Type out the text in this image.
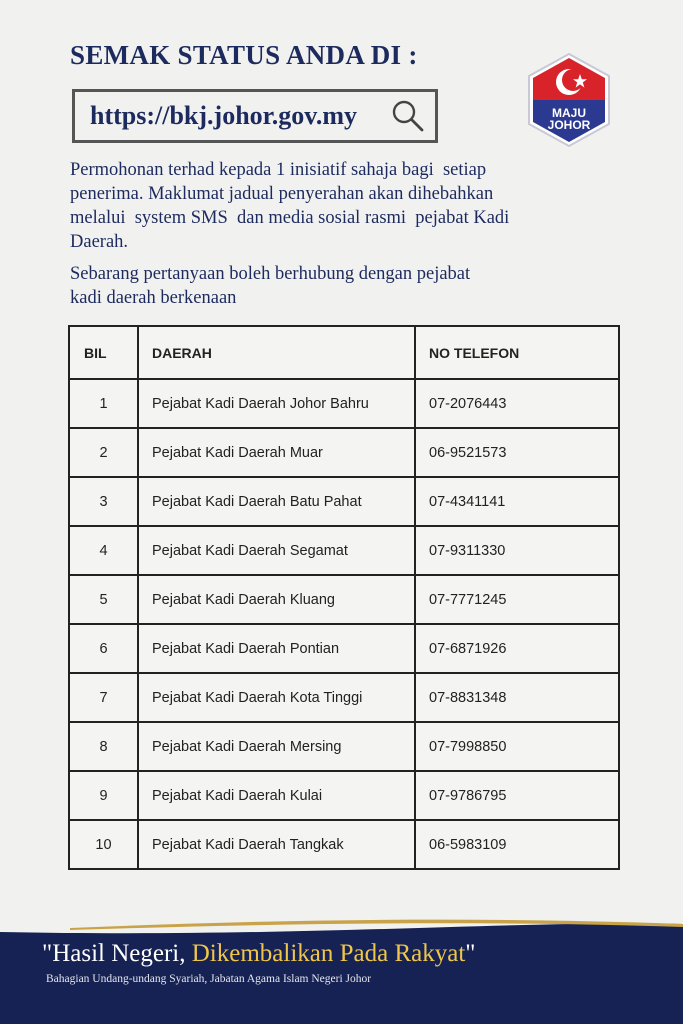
SEMAK STATUS ANDA DI :
https://bkj.johor.gov.my	MAJU
JOHOR
Permohonan terhad kepada 1 inisiatif sahaja bagi  setiap
penerima. Maklumat jadual penyerahan akan dihebahkan
melalui  system SMS  dan media sosial rasmi  pejabat Kadi
Daerah.
Sebarang pertanyaan boleh berhubung dengan pejabat
kadi daerah berkenaan
BIL	DAERAH	NO TELEFON
1	Pejabat Kadi Daerah Johor Bahru	07-2076443
2	Pejabat Kadi Daerah Muar	06-9521573
3	Pejabat Kadi Daerah Batu Pahat	07-4341141
4	Pejabat Kadi Daerah Segamat	07-9311330
5	Pejabat Kadi Daerah Kluang	07-7771245
6	Pejabat Kadi Daerah Pontian	07-6871926
7	Pejabat Kadi Daerah Kota Tinggi	07-8831348
8	Pejabat Kadi Daerah Mersing	07-7998850
9	Pejabat Kadi Daerah Kulai	07-9786795
10	Pejabat Kadi Daerah Tangkak	06-5983109
"Hasil Negeri, Dikembalikan Pada Rakyat"
Bahagian Undang-undang Syariah, Jabatan Agama Islam Negeri Johor
